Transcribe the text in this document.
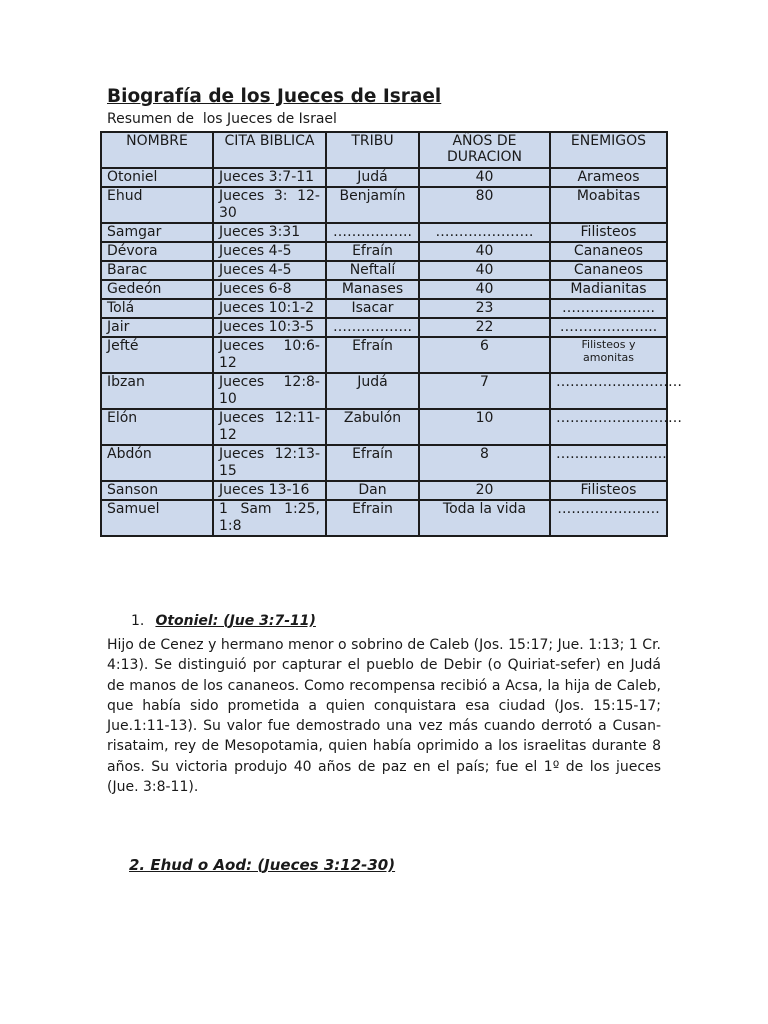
Biografía de los Jueces de Israel
Resumen de  los Jueces de Israel
NOMBRE	CITA BIBLICA	TRIBU	AÑOS DE DURACION	ENEMIGOS
Otoniel	Jueces 3:7-11	Judá	40	Arameos
Ehud	Jueces 3: 12-30	Benjamín	80	Moabitas
Samgar	Jueces 3:31	……………..	…………………	Filisteos
Dévora	Jueces 4-5	Efraín	40	Cananeos
Barac	Jueces 4-5	Neftalí	40	Cananeos
Gedeón	Jueces 6-8	Manases	40	Madianitas
Tolá	Jueces 10:1-2	Isacar	23	………………..
Jair	Jueces 10:3-5	……………..	22	………………...
Jefté	Jueces 10:6-12	Efraín	6	Filisteos y amonitas
Ibzan	Jueces 12:8-10	Judá	7	………………………
Elón	Jueces 12:11-12	Zabulón	10	………………………
Abdón	Jueces 12:13-15	Efraín	8	………………......
Sanson	Jueces 13-16	Dan	20	Filisteos
Samuel	1 Sam 1:25, 1:8	Efrain	Toda la vida	………………….
1. Otoniel: (Jue 3:7-11)
Hijo de Cenez y hermano menor o sobrino de Caleb (Jos. 15:17; Jue. 1:13; 1 Cr. 4:13). Se distinguió por capturar el pueblo de Debir (o Quiriat-sefer) en Judá de manos de los cananeos. Como recompensa recibió a Acsa, la hija de Caleb, que había sido prometida a quien conquistara esa ciudad (Jos. 15:15-17; Jue.1:11-13). Su valor fue demostrado una vez más cuando derrotó a Cusan-risataim, rey de Mesopotamia, quien había oprimido a los israelitas durante 8 años. Su victoria produjo 40 años de paz en el país; fue el 1º de los jueces (Jue. 3:8-11).
2. Ehud o Aod: (Jueces 3:12-30)
